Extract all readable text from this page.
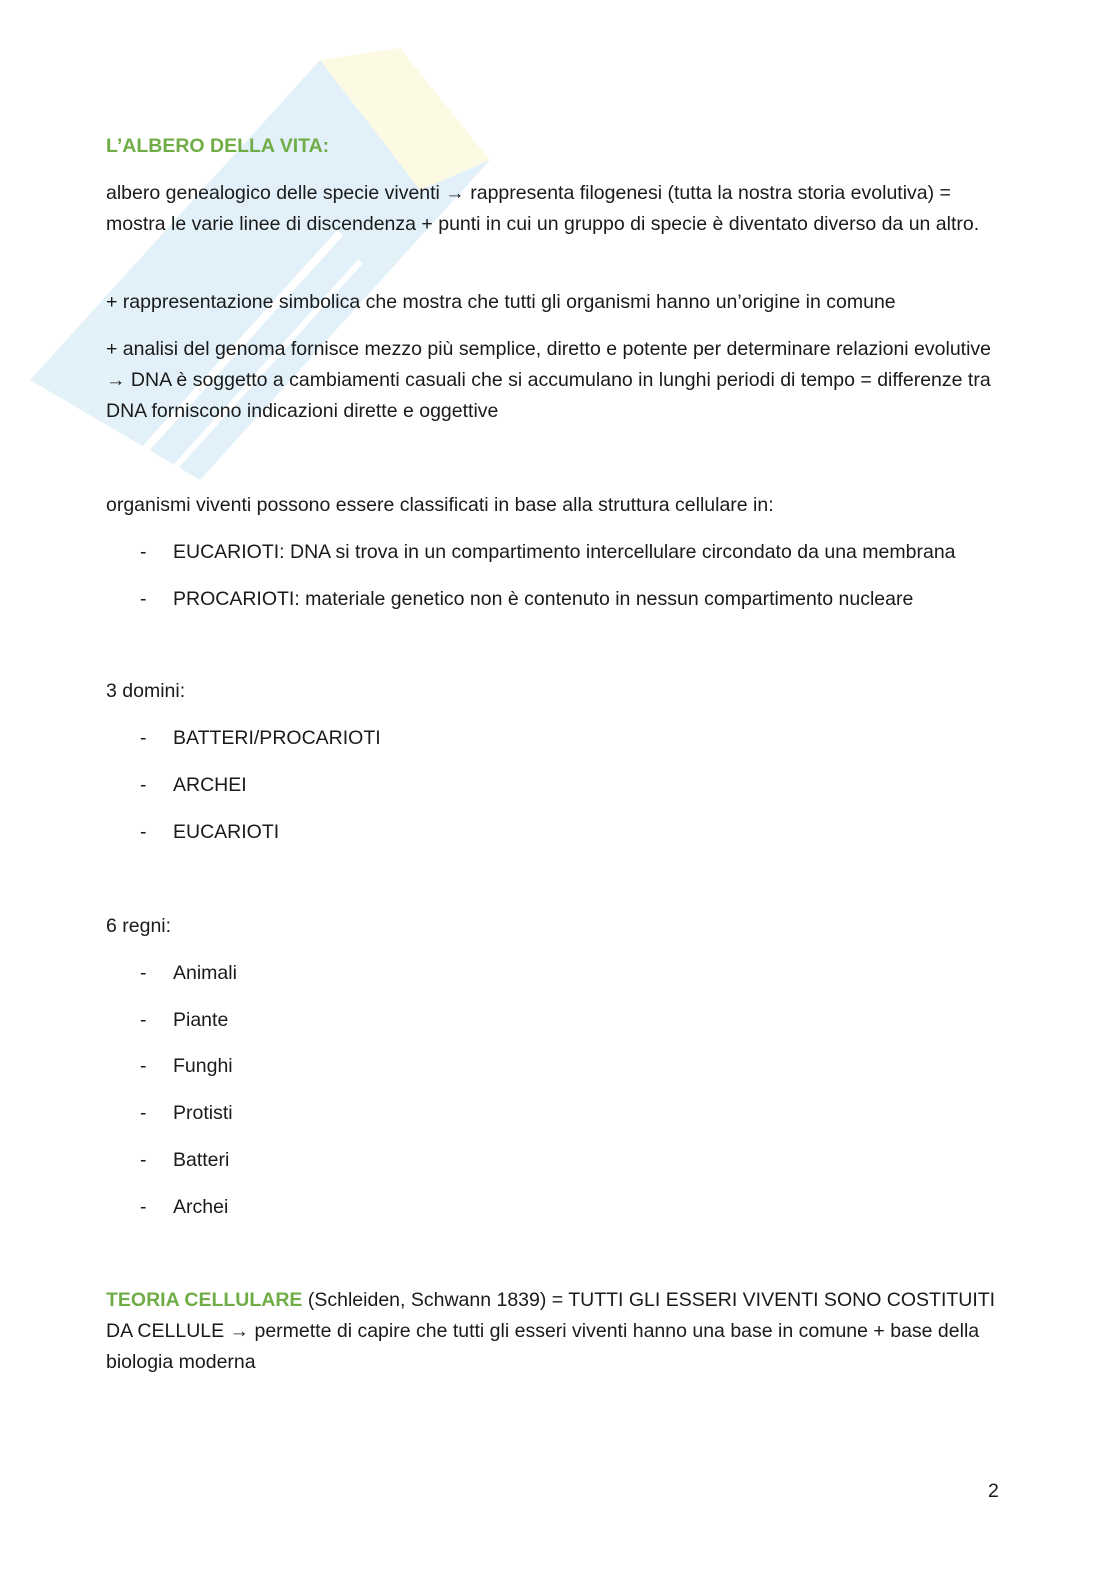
L’ALBERO DELLA VITA:
albero genealogico delle specie viventi → rappresenta filogenesi (tutta la nostra storia evolutiva) = mostra le varie linee di discendenza + punti in cui un gruppo di specie è diventato diverso da un altro.
+ rappresentazione simbolica che mostra che tutti gli organismi hanno un’origine in comune
+ analisi del genoma fornisce mezzo più semplice, diretto e potente per determinare relazioni evolutive → DNA è soggetto a cambiamenti casuali che si accumulano in lunghi periodi di tempo = differenze tra DNA forniscono indicazioni dirette e oggettive
organismi viventi possono essere classificati in base alla struttura cellulare in:
- EUCARIOTI: DNA si trova in un compartimento intercellulare circondato da una membrana
- PROCARIOTI: materiale genetico non è contenuto in nessun compartimento nucleare
3 domini:
- BATTERI/PROCARIOTI
- ARCHEI
- EUCARIOTI
6 regni:
- Animali
- Piante
- Funghi
- Protisti
- Batteri
- Archei
TEORIA CELLULARE (Schleiden, Schwann 1839) = TUTTI GLI ESSERI VIVENTI SONO COSTITUITI DA CELLULE → permette di capire che tutti gli esseri viventi hanno una base in comune + base della biologia moderna
2
